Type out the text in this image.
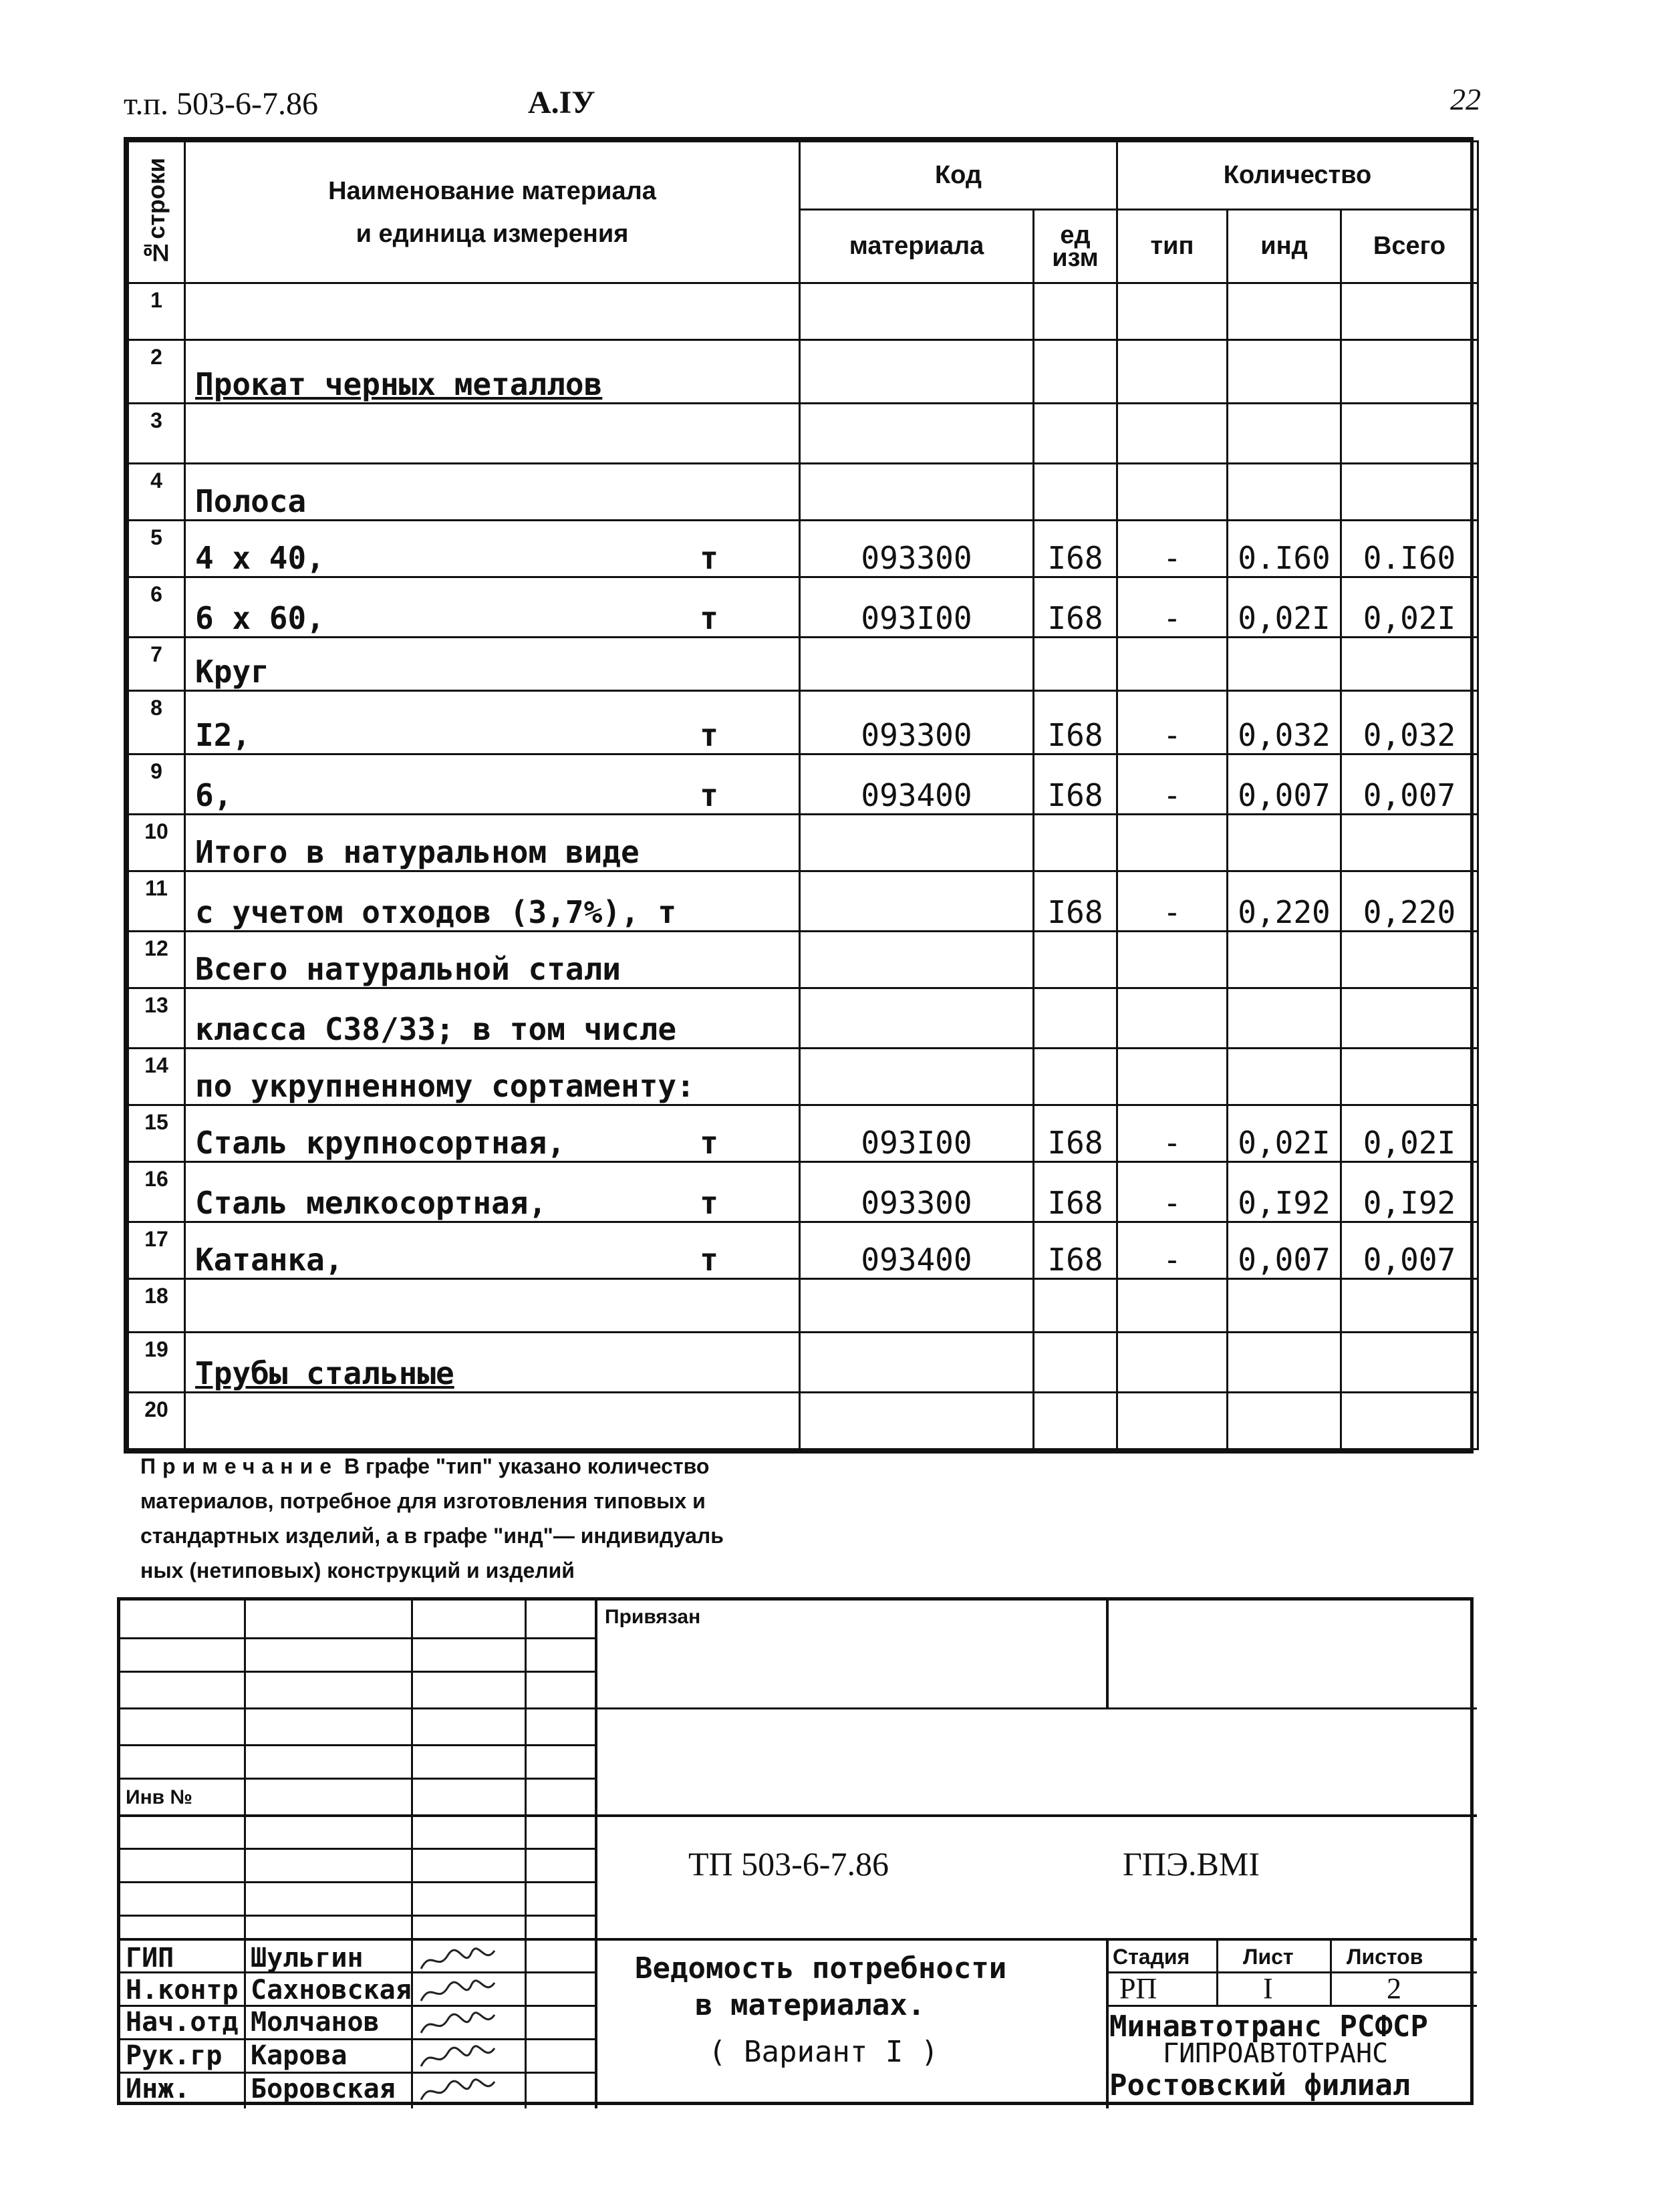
т.п. 503-6-7.86	А.IУ	22
№строки	Наименование материала
и единица измерения	Код		Количество		
		материала	ед изм	тип	инд	Всего
1	

2	Прокат черных металлов

3	

4	Полоса

5	4 x 40, т	093300	I68	-	0.I60	0.I60
6	6 x 60, т	093I00	I68	-	0,02I	0,02I
7	Круг

8	I2, т	093300	I68	-	0,032	0,032
9	6, т	093400	I68	-	0,007	0,007
10	Итого в натуральном виде

11	с учетом отходов (3,7%), т		I68	-	0,220	0,220
12	Всего натуральной стали

13	класса С38/33; в том числе

14	по укрупненному сортаменту:

15	Сталь крупносортная, т	093I00	I68	-	0,02I	0,02I
16	Сталь мелкосортная, т	093300	I68	-	0,I92	0,I92
17	Катанка, т	093400	I68	-	0,007	0,007
18	

19	Трубы стальные

20	

Примечание В графе "тип" указано количество
материалов, потребное для изготовления типовых и
стандартных изделий, а в графе "инд"— индивидуаль
ных (нетиповых) конструкций и изделий
Привязан
Инв №
ТП 503-6-7.86	ГПЭ.ВМI
Ведомость потребности
в материалах.
( Вариант I )
Стадия Лист Листов
РП	I	2
Минавтотранс РСФСР
ГИПРОАВТОТРАНС
Ростовский филиал
ГИП	Шульгин
Н.контр Сахновская
Нач.отд Молчанов
Рук.гр Карова
Инж. Боровская
